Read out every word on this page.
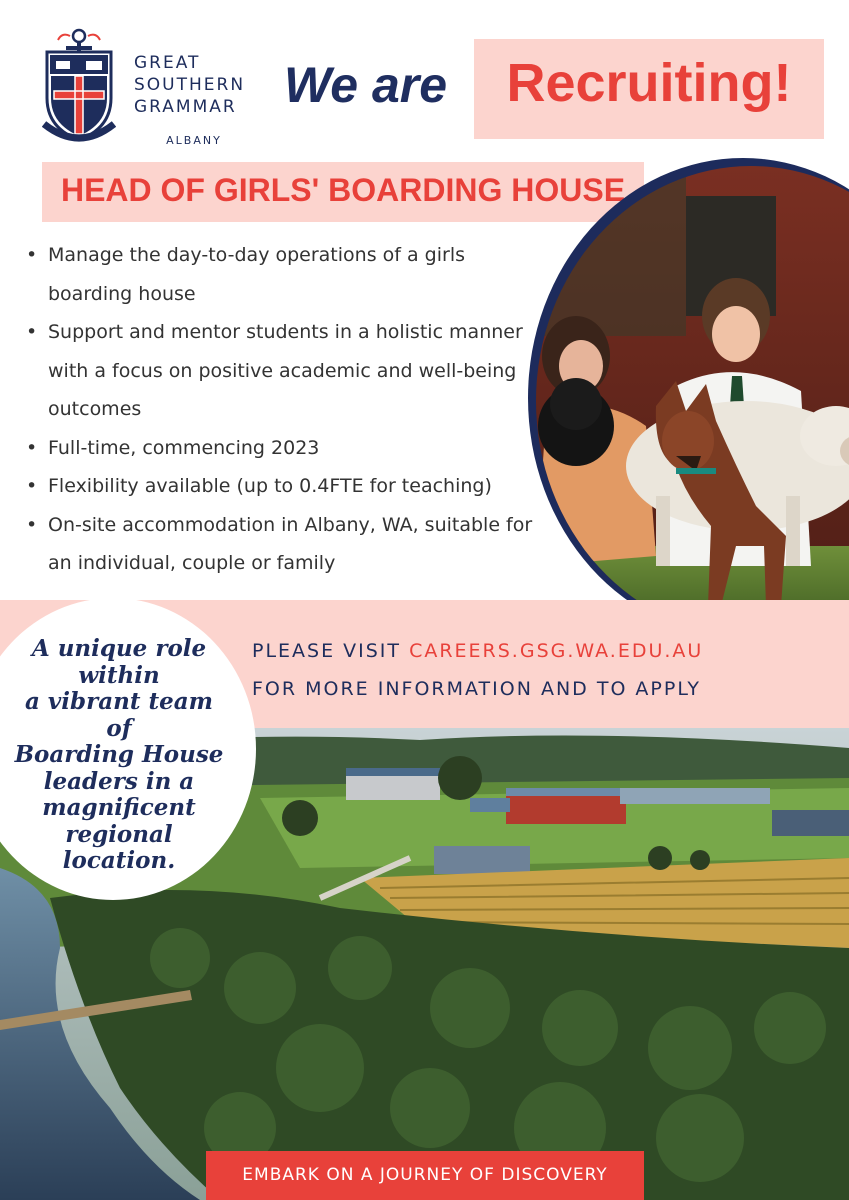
GREAT
SOUTHERN
GRAMMAR
ALBANY
We are	Recruiting!
HEAD OF GIRLS' BOARDING HOUSE
• Manage the day-to-day operations of a girls boarding house
• Support and mentor students in a holistic manner with a focus on positive academic and well-being outcomes
• Full-time, commencing 2023
• Flexibility available (up to 0.4FTE for teaching)
• On-site accommodation in Albany, WA, suitable for an individual, couple or family
PLEASE VISIT CAREERS.GSG.WA.EDU.AU
FOR MORE INFORMATION AND TO APPLY
A unique role
within
a vibrant team of
Boarding House
leaders in a
magnificent
regional
location.
EMBARK ON A JOURNEY OF DISCOVERY
